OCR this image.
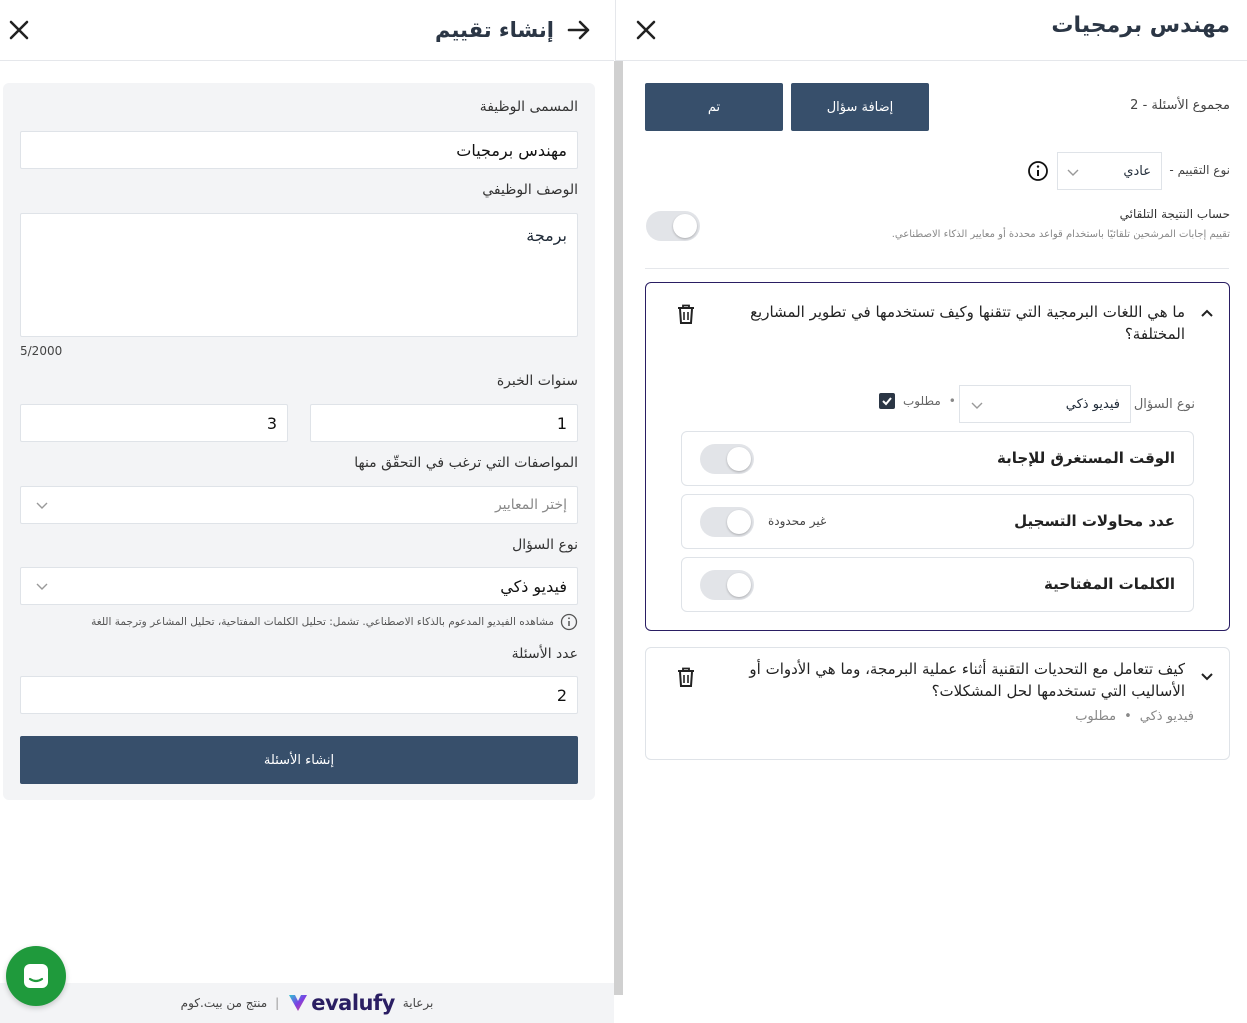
إنشاء تقييم
المسمى الوظيفة
مهندس برمجيات
الوصف الوظيفي
برمجة
5/2000
سنوات الخبرة
1
3
المواصفات التي ترغب في التحقّق منها
إختر المعايير
نوع السؤال
فيديو ذكي
مشاهده الفيديو المدعوم بالذكاء الاصطناعي. تشمل: تحليل الكلمات المفتاحية، تحليل المشاعر وترجمة اللغة
عدد الأسئلة
2
إنشاء الأسئلة
برعاية
evalufy
|
منتج من بيت.كوم
مهندس برمجيات
تم	إضافة سؤال	مجموع الأسئلة - 2
نوع التقييم -
عادي
حساب النتيجة التلقائي
تقييم إجابات المرشحين تلقائيًا باستخدام قواعد محددة أو معايير الذكاء الاصطناعي.
ما هي اللغات البرمجية التي تتقنها وكيف تستخدمها في تطوير المشاريع المختلفة؟
نوع السؤال
فيديو ذكي
•
مطلوب
الوقت المستغرق للإجابة
عدد محاولات التسجيل
غير محدودة
الكلمات المفتاحية
كيف تتعامل مع التحديات التقنية أثناء عملية البرمجة، وما هي الأدوات أو الأساليب التي تستخدمها لحل المشكلات؟
فيديو ذكي
•
مطلوب
